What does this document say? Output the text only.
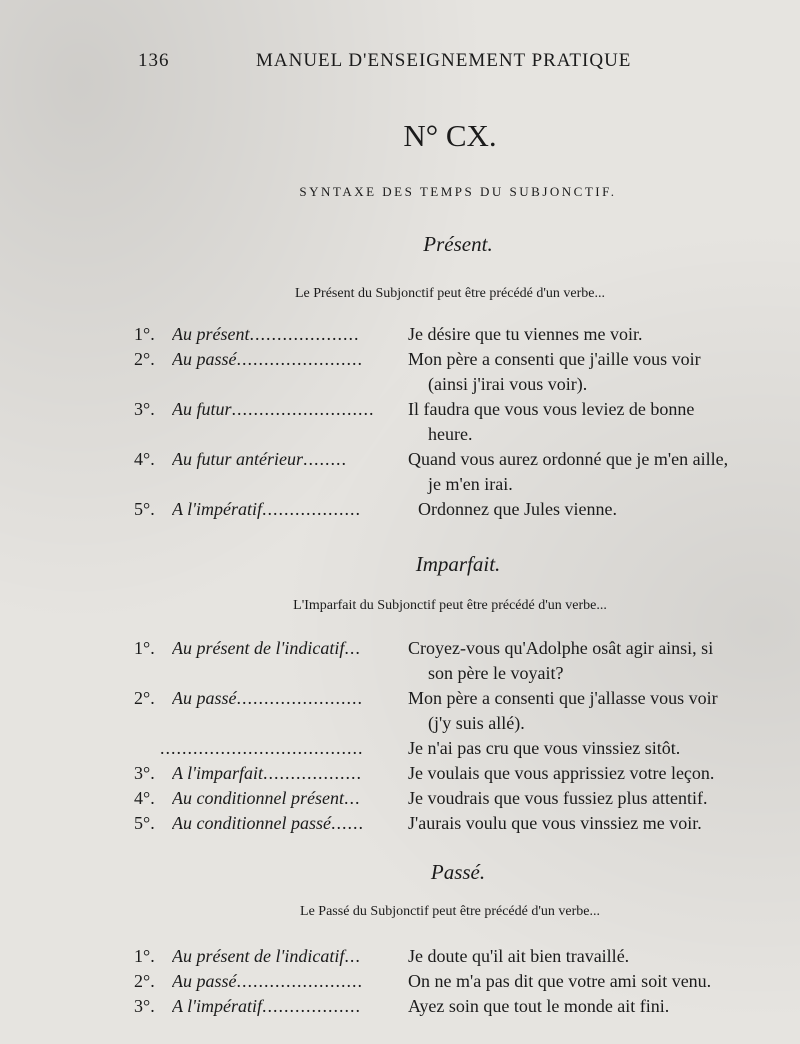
136	MANUEL D'ENSEIGNEMENT PRATIQUE
N° CX.
SYNTAXE DES TEMPS DU SUBJONCTIF.
Présent.
Le Présent du Subjonctif peut être précédé d'un verbe...
1°. Au présent....................	Je désire que tu viennes me voir.
2°. Au passé.......................	Mon père a consenti que j'aille vous voir
(ainsi j'irai vous voir).
3°. Au futur..........................	Il faudra que vous vous leviez de bonne
heure.
4°. Au futur antérieur........	Quand vous aurez ordonné que je m'en aille,
je m'en irai.
5°. A l'impératif..................	Ordonnez que Jules vienne.
Imparfait.
L'Imparfait du Subjonctif peut être précédé d'un verbe...
1°. Au présent de l'indicatif...	Croyez-vous qu'Adolphe osât agir ainsi, si
son père le voyait?
2°. Au passé.......................	Mon père a consenti que j'allasse vous voir
(j'y suis allé).
.....................................	Je n'ai pas cru que vous vinssiez sitôt.
3°. A l'imparfait..................	Je voulais que vous apprissiez votre leçon.
4°. Au conditionnel présent...	Je voudrais que vous fussiez plus attentif.
5°. Au conditionnel passé......	J'aurais voulu que vous vinssiez me voir.
Passé.
Le Passé du Subjonctif peut être précédé d'un verbe...
1°. Au présent de l'indicatif...	Je doute qu'il ait bien travaillé.
2°. Au passé.......................	On ne m'a pas dit que votre ami soit venu.
3°. A l'impératif..................	Ayez soin que tout le monde ait fini.
